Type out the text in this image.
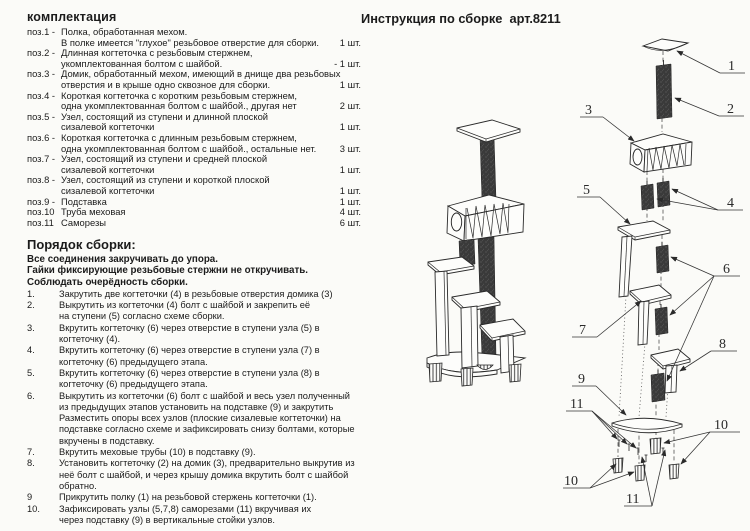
комплектация
поз.1 - Полка, обработанная мехом.
В полке имеется "глухое" резьбовое отверстие для сборки.	1 шт.
поз.2 - Длинная когтеточка с резьбовым стержнем,
укомплектованная болтом с шайбой.	- 1 шт.
поз.3 - Домик, обработанный мехом, имеющий в днище два резьбовых
отверстия и в крыше одно сквозное для сборки.	1 шт.
поз.4 - Короткая когтеточка с коротким резьбовым стержнем,
одна укомплектованная болтом с шайбой., другая нет	2 шт.
поз.5 - Узел, состоящий из ступени и длинной плоской
сизалевой когтеточки	1 шт.
поз.6 - Короткая когтеточка с длинным резьбовым стержнем,
одна укомплектованная болтом с шайбой., остальные нет.	3 шт.
поз.7 - Узел, состоящий из ступени и средней плоской
сизалевой когтеточки	1 шт.
поз.8 - Узел, состоящий из ступени и короткой плоской
сизалевой когтеточки	1 шт.
поз.9 - Подставка	1 шт.
поз.10 Труба меховая	4 шт.
поз.11 Саморезы	6 шт.
Порядок сборки:
Все соединения закручивать до упора.
Гайки фиксирующие резьбовые стержни не откручивать.
Соблюдать очерёдность сборки.
1.	Закрутить две когтеточки (4) в резьбовые отверстия домика (3)
2.	Выкрутить из когтеточки (4) болт с шайбой и закрепить её
на ступени (5) согласно схеме сборки.
3.	Вкрутить когтеточку (6) через отверстие в ступени узла (5) в
когтеточку (4).
4.	Вкрутить когтеточку (6) через отверстие в ступени узла (7) в
когтеточку (6) предыдущего этапа.
5.	Вкрутить когтеточку (6) через отверстие в ступени узла (8) в
когтеточку (6) предыдущего этапа.
6.	Выкрутить из когтеточки (6) болт с шайбой и весь узел полученный
из предыдущих этапов установить на подставке (9) и закрутить
Разместить опоры всех узлов (плоские сизалевые когтеточки) на
подставке согласно схеме и зафиксировать снизу болтами, которые
вкручены в подставку.
7.	Вкрутить меховые трубы (10) в подставку (9).
8.	Установить когтеточку (2) на домик (3), предварительно выкрутив из
неё болт с шайбой, и через крышу домика вкрутить болт с шайбой
обратно.
9	Прикрутить полку (1) на резьбовой стержень когтеточки (1).
10.	Зафиксировать узлы (5,7,8) саморезами (11) вкручивая их
через подставку (9) в вертикальные стойки узлов.
Инструкция по сборке  арт.8211
1
2
3
4
5
6
7
8
9
11
10
10
11
